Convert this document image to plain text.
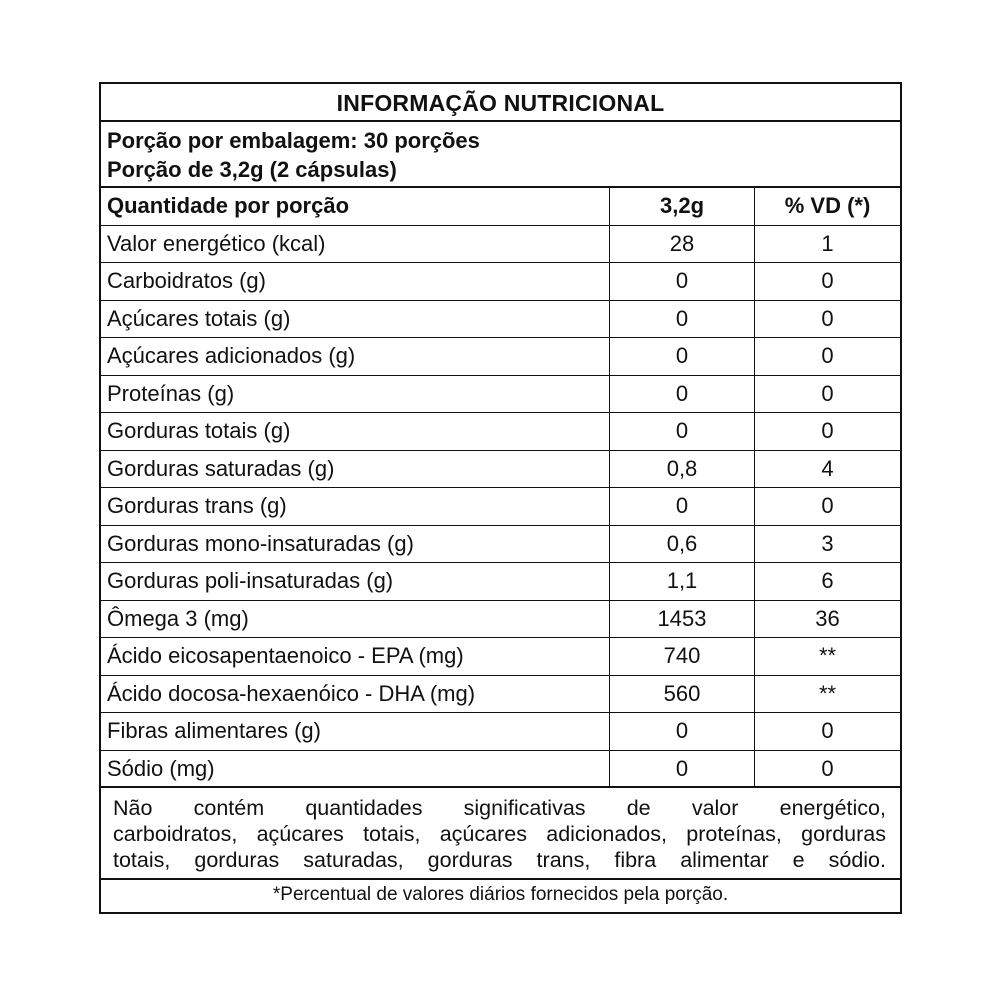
INFORMAÇÃO NUTRICIONAL
Porção por embalagem: 30 porções
Porção de 3,2g (2 cápsulas)
Quantidade por porção	3,2g	% VD (*)
Valor energético (kcal)	28	1
Carboidratos (g)	0	0
Açúcares totais (g)	0	0
Açúcares adicionados (g)	0	0
Proteínas (g)	0	0
Gorduras totais (g)	0	0
Gorduras saturadas (g)	0,8	4
Gorduras trans (g)	0	0
Gorduras mono-insaturadas (g)	0,6	3
Gorduras poli-insaturadas (g)	1,1	6
Ômega 3 (mg)	1453	36
Ácido eicosapentaenoico - EPA (mg)	740	**
Ácido docosa-hexaenóico - DHA (mg)	560	**
Fibras alimentares (g)	0	0
Sódio (mg)	0	0
Não contém quantidades significativas de valor energético,
carboidratos, açúcares totais, açúcares adicionados, proteínas, gorduras
totais, gorduras saturadas, gorduras trans, fibra alimentar e sódio.
*Percentual de valores diários fornecidos pela porção.
